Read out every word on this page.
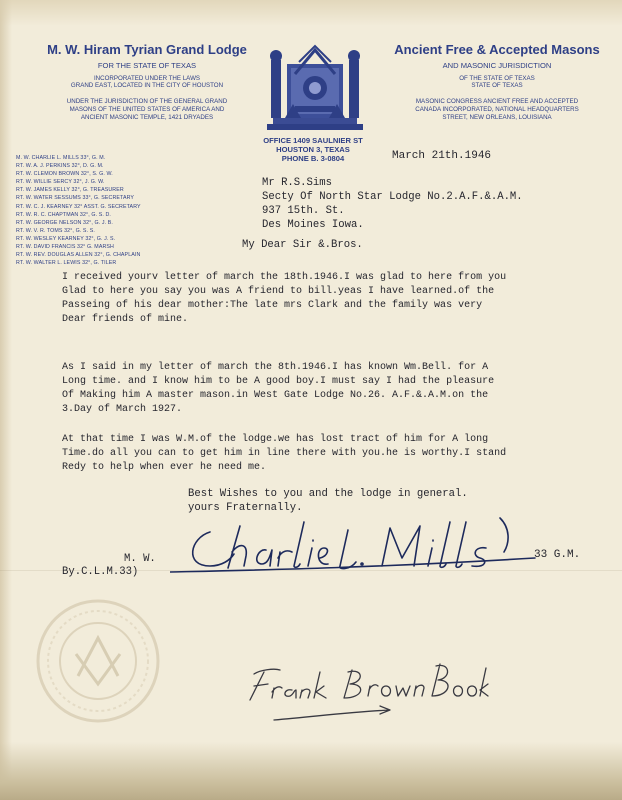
M. W. Hiram Tyrian Grand Lodge
FOR THE STATE OF TEXAS
INCORPORATED UNDER THE LAWS
GRAND EAST, LOCATED IN THE CITY OF HOUSTON
UNDER THE JURISDICTION OF THE GENERAL GRAND
MASONS OF THE UNITED STATES OF AMERICA AND
ANCIENT MASONIC TEMPLE, 1421 DRYADES
OFFICE 1409 SAULNIER ST
HOUSTON 3, TEXAS
PHONE B. 3-0804
Ancient Free & Accepted Masons
AND MASONIC JURISDICTION
OF THE STATE OF TEXAS
STATE OF TEXAS
MASONIC CONGRESS ANCIENT FREE AND ACCEPTED
CANADA INCORPORATED, NATIONAL HEADQUARTERS
STREET, NEW ORLEANS, LOUISIANA
M. W. CHARLIE L. MILLS 33°, G. M.
RT. W. A. J. PERKINS 32°, D. G. M.
RT. W. CLEMON BROWN 32°, S. G. W.
RT. W. WILLIE SERCY 32°, J. G. W.
RT. W. JAMES KELLY 32°, G. TREASURER
RT. W. WATER SESSUMS 33°, G. SECRETARY
RT. W. C. J. KEARNEY 32° ASST. G. SECRETARY
RT. W. R. C. CHAPTMAN 32°, G. S. D.
RT. W. GEORGE NELSON 32°, G. J. B.
RT. W. V. R. TOMS 32°, G. S. S.
RT. W. WESLEY KEARNEY 32°, G. J. S.
RT. W. DAVID FRANCIS 32° G. MARSH
RT. W. REV. DOUGLAS ALLEN 32°, G. CHAPLAIN
RT. W. WALTER L. LEWIS 32°, G. TILER
March 21th.1946
Mr R.S.Sims
Secty Of North Star Lodge No.2.A.F.&.A.M.
937 15th. St.
Des Moines Iowa.
My Dear Sir &.Bros.
I received yourv letter of march the 18th.1946.I was glad to here from you
Glad to here you say you was A friend to bill.yeas I have learned.of the
Passeing of his dear mother:The late mrs Clark and the family was very
Dear friends of mine.
As I said in my letter of march the 8th.1946.I has known Wm.Bell. for A
Long time. and I know him to be A good boy.I must say I had the pleasure
Of Making him A master mason.in West Gate Lodge No.26. A.F.&.A.M.on the
3.Day of March 1927.
At that time I was W.M.of the lodge.we has lost tract of him for A long
Time.do all you can to get him in line there with you.he is worthy.I stand
Redy to help when ever he need me.
Best Wishes to you and the lodge in general.
yours Fraternally.
M. W.	33 G.M.
By.C.L.M.33)
